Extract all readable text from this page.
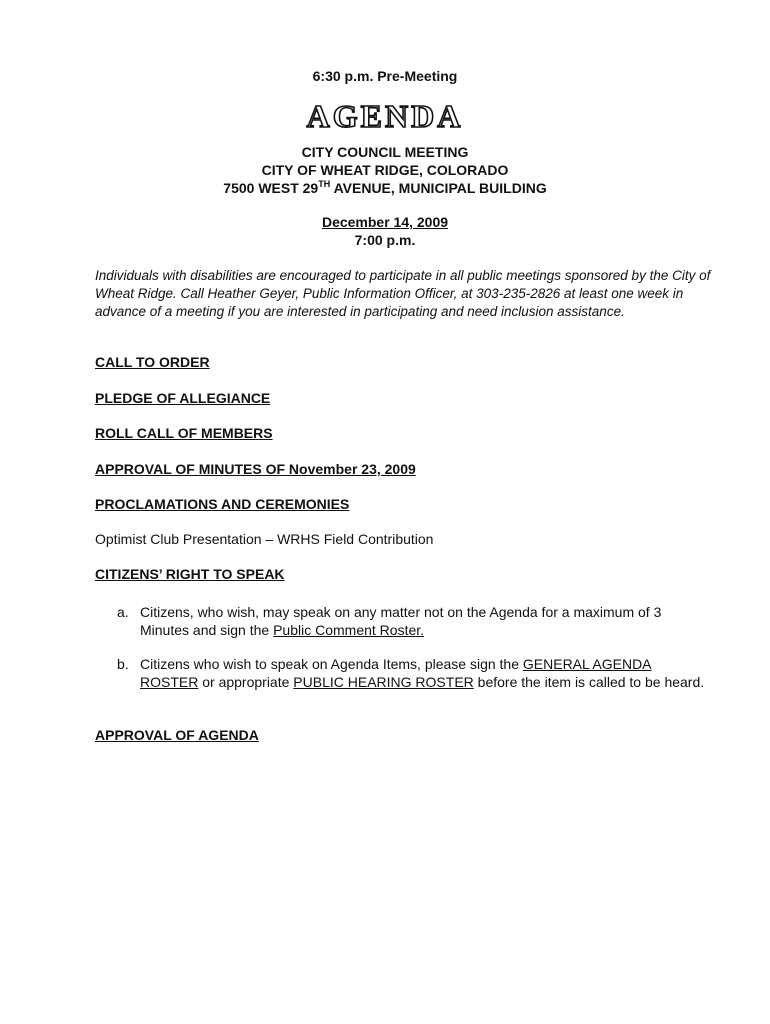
6:30 p.m. Pre-Meeting
AGENDA
CITY COUNCIL MEETING
CITY OF WHEAT RIDGE, COLORADO
7500 WEST 29TH AVENUE, MUNICIPAL BUILDING
December 14, 2009
7:00 p.m.
Individuals with disabilities are encouraged to participate in all public meetings sponsored by the City of Wheat Ridge. Call Heather Geyer, Public Information Officer, at 303-235-2826 at least one week in advance of a meeting if you are interested in participating and need inclusion assistance.
CALL TO ORDER
PLEDGE OF ALLEGIANCE
ROLL CALL OF MEMBERS
APPROVAL OF MINUTES OF November 23, 2009
PROCLAMATIONS AND CEREMONIES
Optimist Club Presentation – WRHS Field Contribution
CITIZENS’ RIGHT TO SPEAK
a. Citizens, who wish, may speak on any matter not on the Agenda for a maximum of 3 Minutes and sign the Public Comment Roster.
b. Citizens who wish to speak on Agenda Items, please sign the GENERAL AGENDA ROSTER or appropriate PUBLIC HEARING ROSTER before the item is called to be heard.
APPROVAL OF AGENDA
